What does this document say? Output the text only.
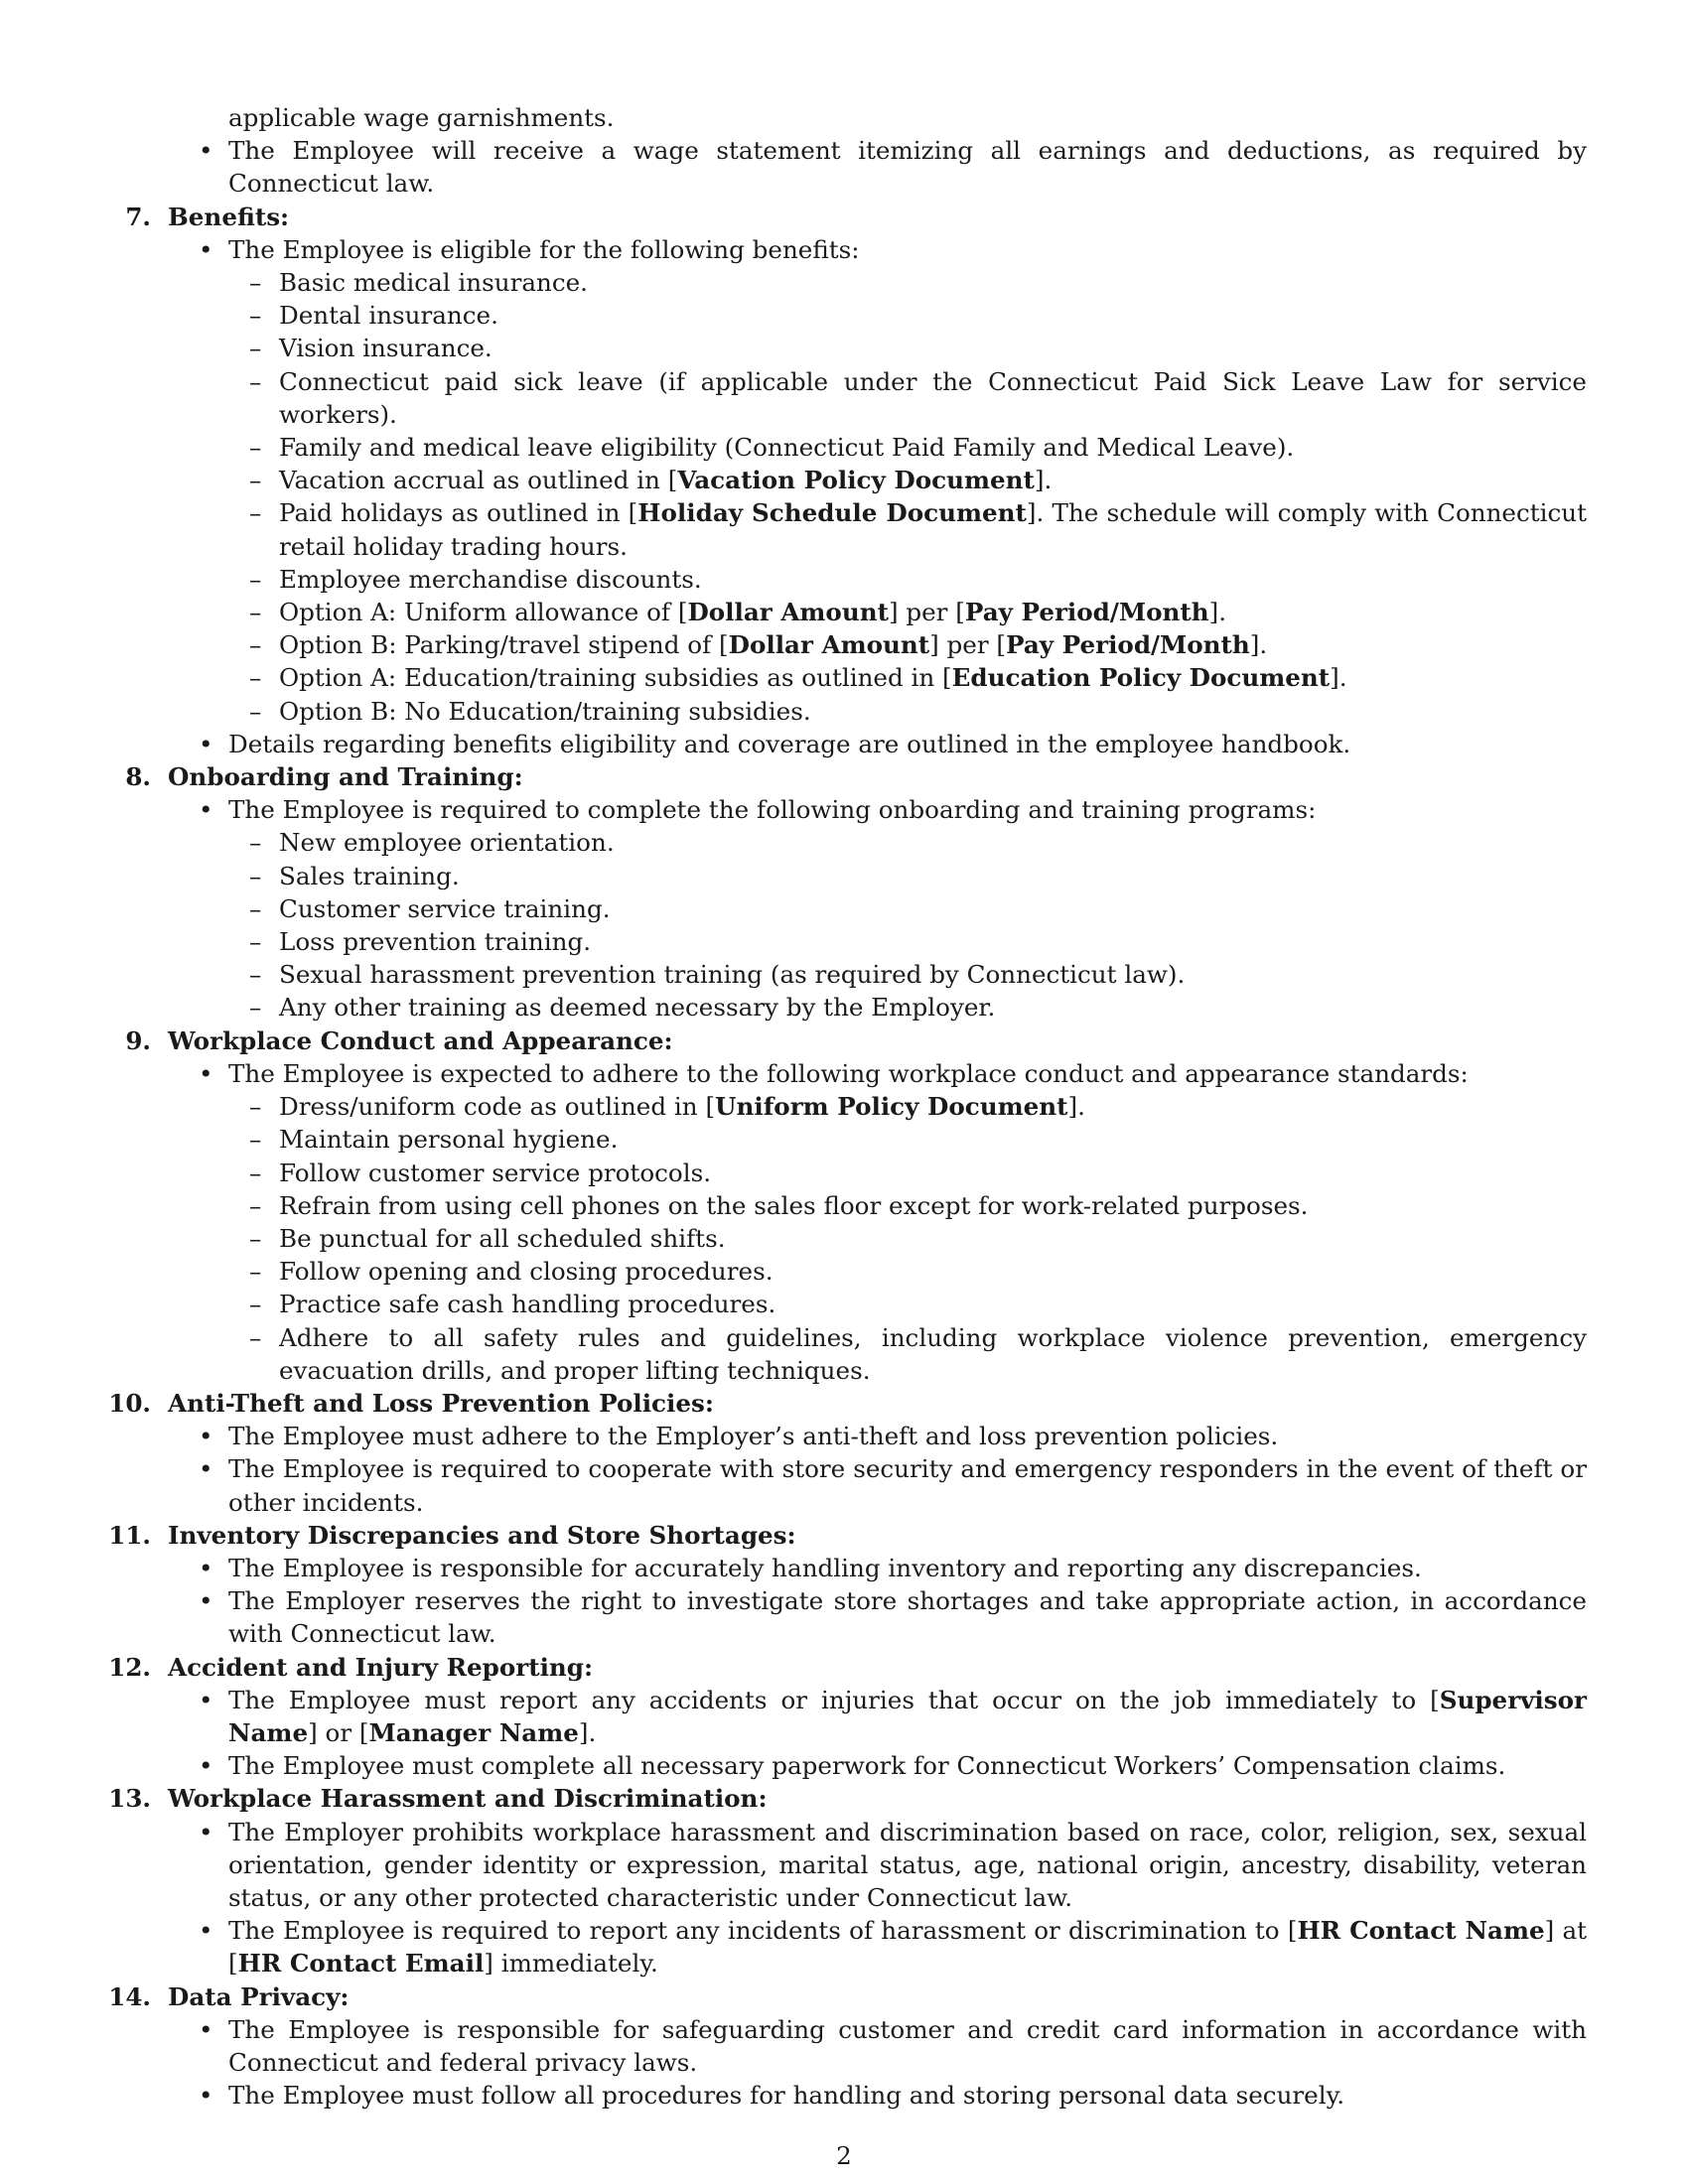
applicable wage garnishments.
• The Employee will receive a wage statement itemizing all earnings and deductions, as required by Connecticut law.
7. Benefits:
• The Employee is eligible for the following benefits:
– Basic medical insurance.
– Dental insurance.
– Vision insurance.
– Connecticut paid sick leave (if applicable under the Connecticut Paid Sick Leave Law for service workers).
– Family and medical leave eligibility (Connecticut Paid Family and Medical Leave).
– Vacation accrual as outlined in [Vacation Policy Document].
– Paid holidays as outlined in [Holiday Schedule Document]. The schedule will comply with Connecticut retail holiday trading hours.
– Employee merchandise discounts.
– Option A: Uniform allowance of [Dollar Amount] per [Pay Period/Month].
– Option B: Parking/travel stipend of [Dollar Amount] per [Pay Period/Month].
– Option A: Education/training subsidies as outlined in [Education Policy Document].
– Option B: No Education/training subsidies.
• Details regarding benefits eligibility and coverage are outlined in the employee handbook.
8. Onboarding and Training:
• The Employee is required to complete the following onboarding and training programs:
– New employee orientation.
– Sales training.
– Customer service training.
– Loss prevention training.
– Sexual harassment prevention training (as required by Connecticut law).
– Any other training as deemed necessary by the Employer.
9. Workplace Conduct and Appearance:
• The Employee is expected to adhere to the following workplace conduct and appearance standards:
– Dress/uniform code as outlined in [Uniform Policy Document].
– Maintain personal hygiene.
– Follow customer service protocols.
– Refrain from using cell phones on the sales floor except for work-related purposes.
– Be punctual for all scheduled shifts.
– Follow opening and closing procedures.
– Practice safe cash handling procedures.
– Adhere to all safety rules and guidelines, including workplace violence prevention, emergency evacuation drills, and proper lifting techniques.
10. Anti-Theft and Loss Prevention Policies:
• The Employee must adhere to the Employer’s anti-theft and loss prevention policies.
• The Employee is required to cooperate with store security and emergency responders in the event of theft or other incidents.
11. Inventory Discrepancies and Store Shortages:
• The Employee is responsible for accurately handling inventory and reporting any discrepancies.
• The Employer reserves the right to investigate store shortages and take appropriate action, in accordance with Connecticut law.
12. Accident and Injury Reporting:
• The Employee must report any accidents or injuries that occur on the job immediately to [Supervisor Name] or [Manager Name].
• The Employee must complete all necessary paperwork for Connecticut Workers’ Compensation claims.
13. Workplace Harassment and Discrimination:
• The Employer prohibits workplace harassment and discrimination based on race, color, religion, sex, sexual orientation, gender identity or expression, marital status, age, national origin, ancestry, disability, veteran status, or any other protected characteristic under Connecticut law.
• The Employee is required to report any incidents of harassment or discrimination to [HR Contact Name] at [HR Contact Email] immediately.
14. Data Privacy:
• The Employee is responsible for safeguarding customer and credit card information in accordance with Connecticut and federal privacy laws.
• The Employee must follow all procedures for handling and storing personal data securely.
2
